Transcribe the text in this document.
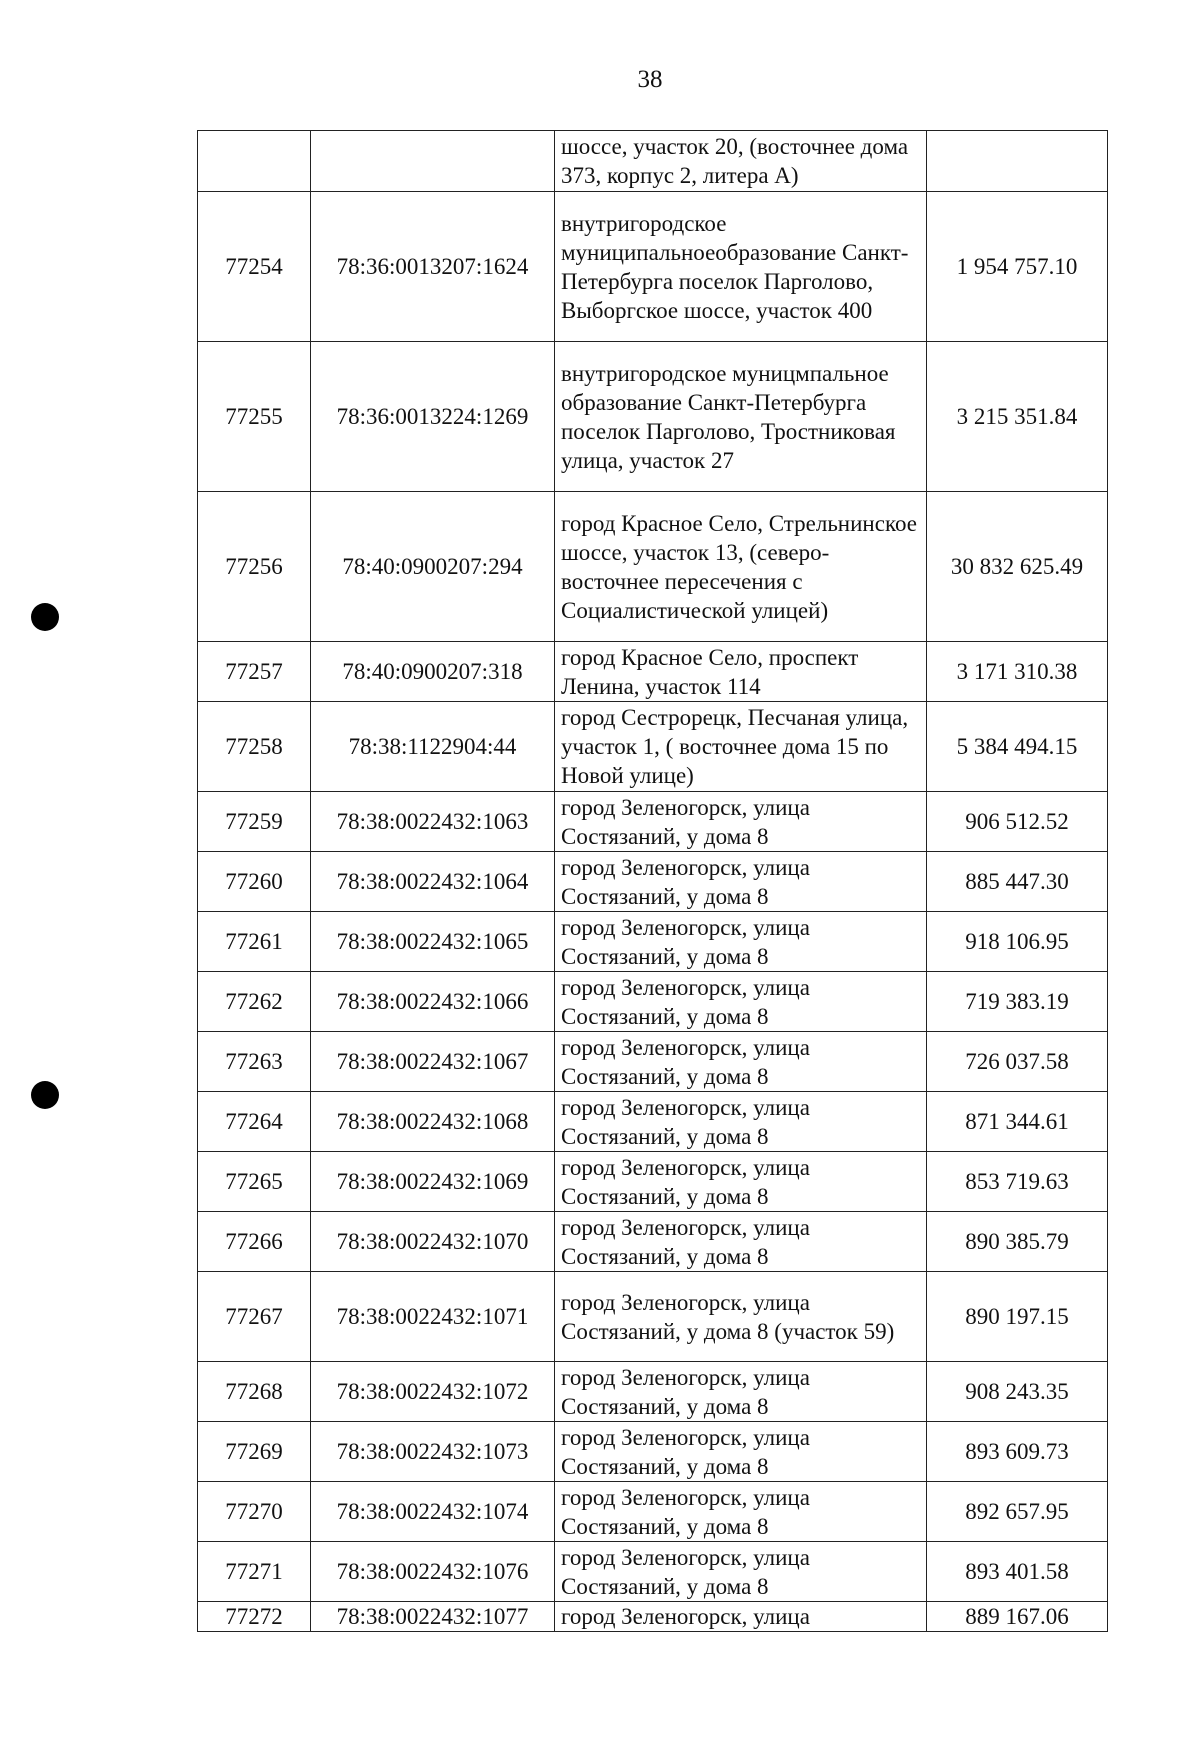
38
		шоссе, участок 20, (восточнее дома 373, корпус 2, литера А)	
77254	78:36:0013207:1624	внутригородское муниципальноеобразование Санкт-Петербурга поселок Парголово, Выборгское шоссе, участок 400	1 954 757.10
77255	78:36:0013224:1269	внутригородское муницмпальное образование Санкт-Петербурга поселок Парголово, Тростниковая улица, участок 27	3 215 351.84
77256	78:40:0900207:294	город Красное Село, Стрельнинское шоссе, участок 13, (северо-восточнее пересечения с Социалистической улицей)	30 832 625.49
77257	78:40:0900207:318	город Красное Село, проспект Ленина, участок 114	3 171 310.38
77258	78:38:1122904:44	город Сестрорецк, Песчаная улица, участок 1, ( восточнее дома 15 по Новой улице)	5 384 494.15
77259	78:38:0022432:1063	город Зеленогорск, улица Состязаний, у дома 8	906 512.52
77260	78:38:0022432:1064	город Зеленогорск, улица Состязаний, у дома 8	885 447.30
77261	78:38:0022432:1065	город Зеленогорск, улица Состязаний, у дома 8	918 106.95
77262	78:38:0022432:1066	город Зеленогорск, улица Состязаний, у дома 8	719 383.19
77263	78:38:0022432:1067	город Зеленогорск, улица Состязаний, у дома 8	726 037.58
77264	78:38:0022432:1068	город Зеленогорск, улица Состязаний, у дома 8	871 344.61
77265	78:38:0022432:1069	город Зеленогорск, улица Состязаний, у дома 8	853 719.63
77266	78:38:0022432:1070	город Зеленогорск, улица Состязаний, у дома 8	890 385.79
77267	78:38:0022432:1071	город Зеленогорск, улица Состязаний, у дома 8 (участок 59)	890 197.15
77268	78:38:0022432:1072	город Зеленогорск, улица Состязаний, у дома 8	908 243.35
77269	78:38:0022432:1073	город Зеленогорск, улица Состязаний, у дома 8	893 609.73
77270	78:38:0022432:1074	город Зеленогорск, улица Состязаний, у дома 8	892 657.95
77271	78:38:0022432:1076	город Зеленогорск, улица Состязаний, у дома 8	893 401.58
77272	78:38:0022432:1077	город Зеленогорск, улица	889 167.06
